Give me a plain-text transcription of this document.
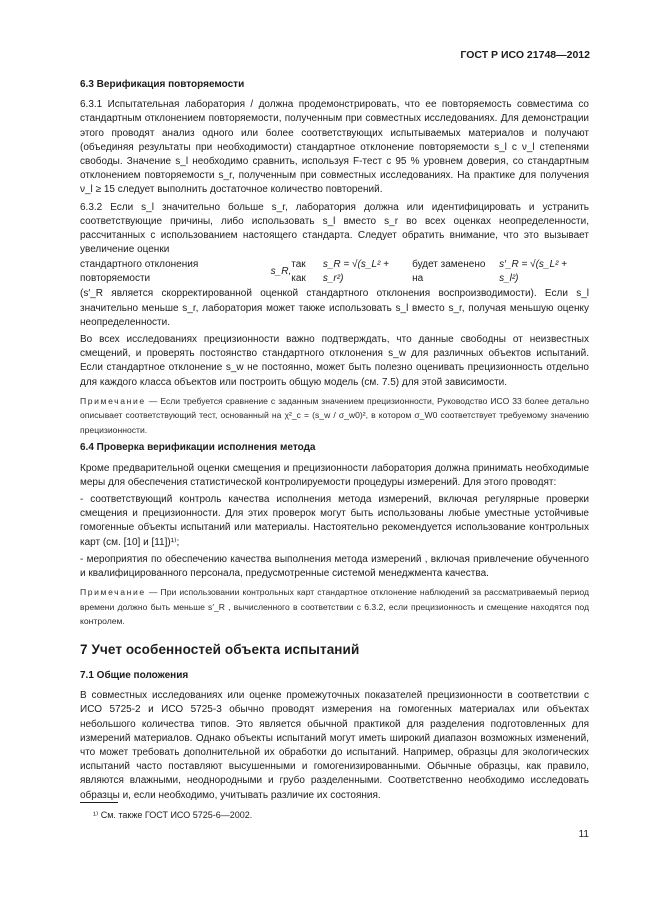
ГОСТ Р ИСО 21748—2012
6.3 Верификация повторяемости

6.3.1 Испытательная лаборатория / должна продемонстрировать, что ее повторяемость совместима со стандартным отклонением повторяемости, полученным при совместных исследованиях. Для демонстрации этого проводят анализ одного или более соответствующих испытываемых материалов и получают (объединяя результаты при необходимости) стандартное отклонение повторяемости s_l с ν_l степенями свободы. Значение s_l необходимо сравнить, используя F-тест с 95 % уровнем доверия, со стандартным отклонением повторяемости s_r, полученным при совместных исследованиях. На практике для получения ν_l ≥ 15 следует выполнить достаточное количество повторений.

6.3.2 Если s_l значительно больше s_r, лаборатория должна или идентифицировать и устранить соответствующие причины, либо использовать s_l вместо s_r во всех оценках неопределенности, рассчитанных с использованием настоящего стандарта. Следует обратить внимание, что это вызывает увеличение оценки

стандартного отклонения повторяемости
s_R,
так как
s_R = √(s_L² + s_r²)
будет заменено на
s′_R = √(s_L² + s_l²)

(s′_R является скорректированной оценкой стандартного отклонения воспроизводимости). Если s_l значительно меньше s_r, лаборатория может также использовать s_l вместо s_r, получая меньшую оценку неопределенности.

Во всех исследованиях прецизионности важно подтверждать, что данные свободны от неизвестных смещений, и проверять постоянство стандартного отклонения s_w для различных объектов испытаний. Если стандартное отклонение s_w не постоянно, может быть полезно оценивать прецизионность отдельно для каждого класса объектов или построить общую модель (см. 7.5) для этой зависимости.

Примечание — Если требуется сравнение с заданным значением прецизионности, Руководство ИСО 33 более детально описывает соответствующий тест, основанный на χ²_c = (s_w / σ_w0)², в котором σ_W0 соответствует требуемому значению прецизионности.

6.4 Проверка верификации исполнения метода

Кроме предварительной оценки смещения и прецизионности лаборатория должна принимать необходимые меры для обеспечения статистической контролируемости процедуры измерений. Для этого проводят:

- соответствующий контроль качества исполнения метода измерений, включая регулярные проверки смещения и прецизионности. Для этих проверок могут быть использованы любые уместные устойчивые гомогенные объекты испытаний или материалы. Настоятельно рекомендуется использование контрольных карт (см. [10] и [11])¹⁾;

- мероприятия по обеспечению качества выполнения метода измерений , включая привлечение обученного и квалифицированного персонала, предусмотренные системой менеджмента качества.

Примечание — При использовании контрольных карт стандартное отклонение наблюдений за рассматриваемый период времени должно быть меньше s′_R , вычисленного в соответствии с 6.3.2, если прецизионность и смещение находятся под контролем.

7 Учет особенностей объекта испытаний
7.1 Общие положения

В совместных исследованиях или оценке промежуточных показателей прецизионности в соответствии с ИСО 5725-2 и ИСО 5725-3 обычно проводят измерения на гомогенных материалах или объектах небольшого количества типов. Это является обычной практикой для разделения подготовленных для измерений материалов. Однако объекты испытаний могут иметь широкий диапазон возможных изменений, что может требовать дополнительной их обработки до испытаний. Например, образцы для экологических испытаний часто поставляют высушенными и гомогенизированными. Обычные образцы, как правило, являются влажными, неоднородными и грубо разделенными. Соответственно необходимо исследовать образцы и, если необходимо, учитывать различие их состояния.

¹⁾ См. также ГОСТ ИСО 5725-6—2002.
11
